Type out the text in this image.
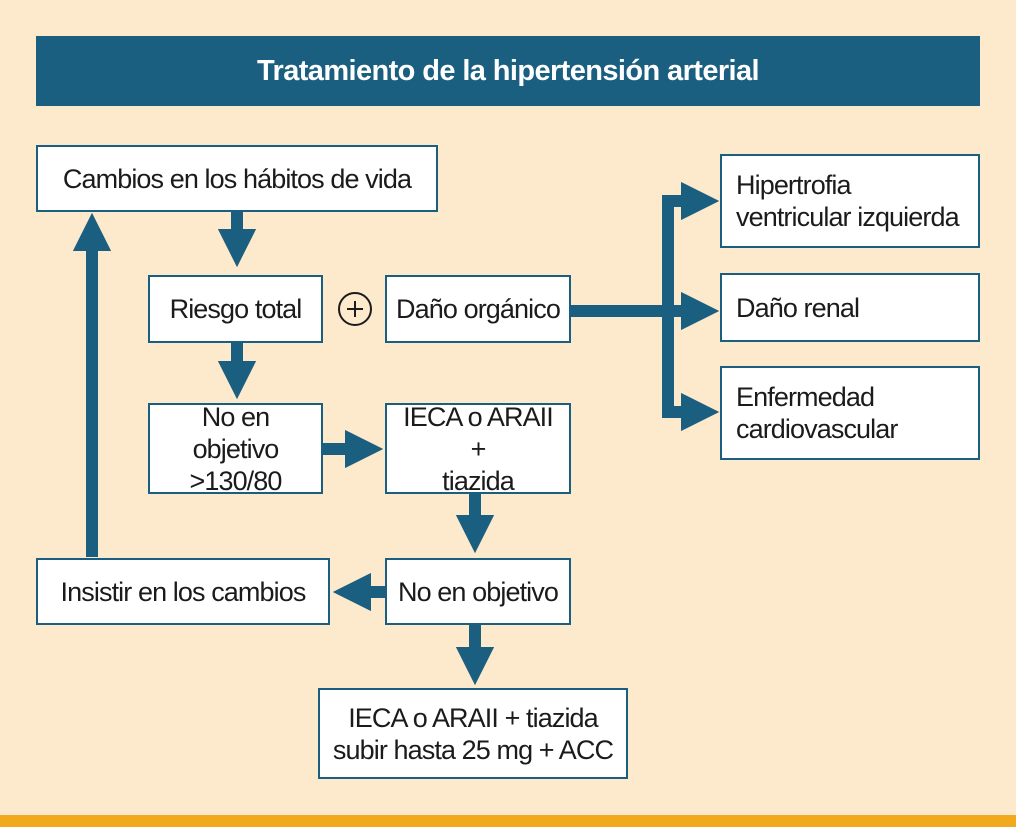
Tratamiento de la hipertensión arterial
Cambios en los hábitos de vida
Riesgo total	Daño orgánico
No en objetivo
>130/80
IECA o ARAII +
tiazida
Insistir en los cambios	No en objetivo
IECA o ARAII + tiazida
subir hasta 25 mg + ACC
Hipertrofia
ventricular izquierda
Daño renal
Enfermedad
cardiovascular
